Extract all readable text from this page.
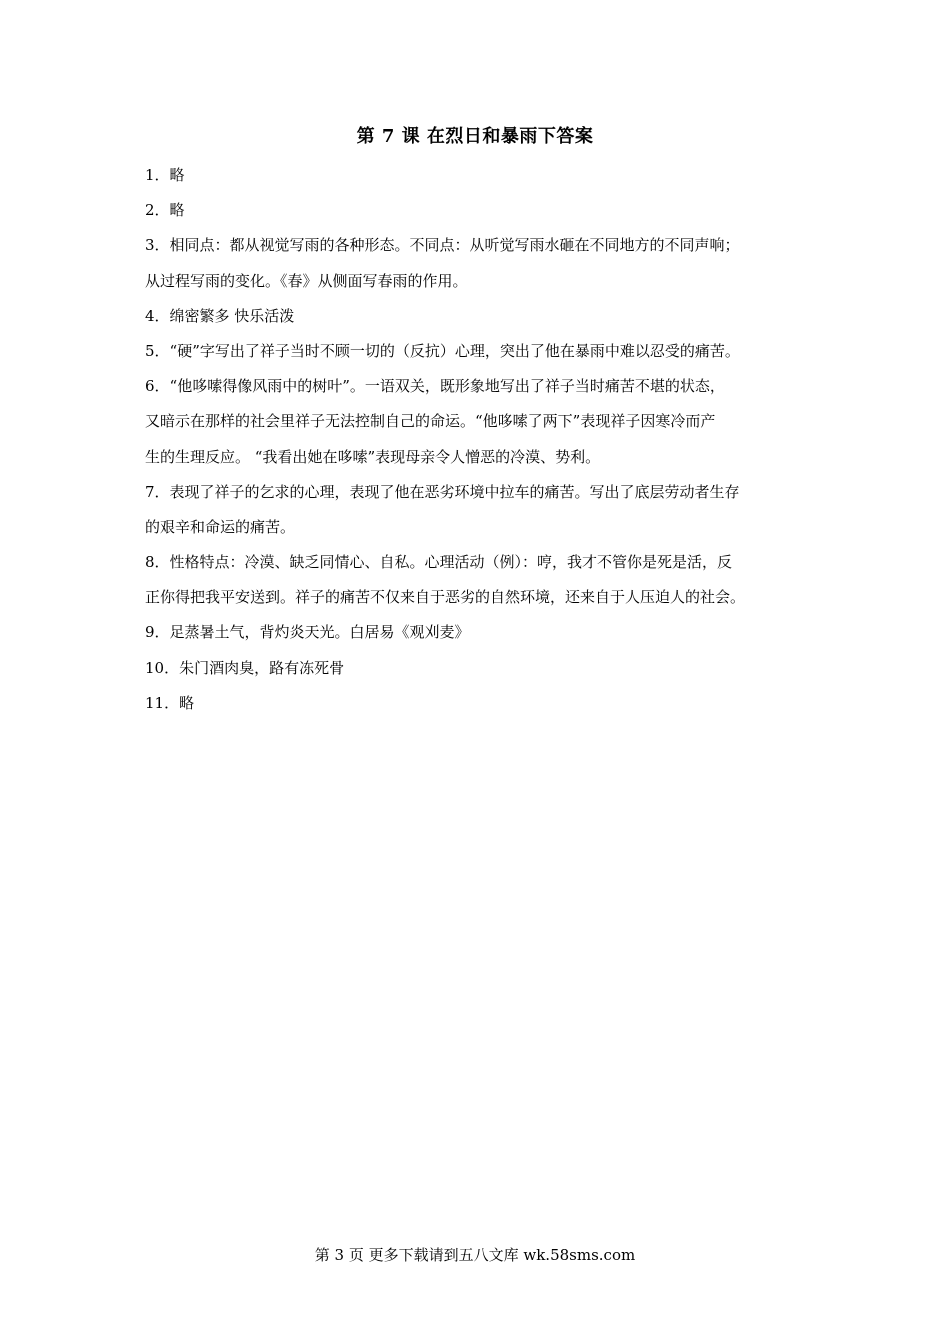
第 7 课 在烈日和暴雨下答案
1．略
2．略
3．相同点：都从视觉写雨的各种形态。不同点：从听觉写雨水砸在不同地方的不同声响；
从过程写雨的变化。《春》从侧面写春雨的作用。
4．绵密繁多 快乐活泼
5．“硬”字写出了祥子当时不顾一切的（反抗）心理，突出了他在暴雨中难以忍受的痛苦。
6．“他哆嗦得像风雨中的树叶”。一语双关，既形象地写出了祥子当时痛苦不堪的状态，
又暗示在那样的社会里祥子无法控制自己的命运。“他哆嗦了两下”表现祥子因寒冷而产
生的生理反应。 “我看出她在哆嗦”表现母亲令人憎恶的冷漠、势利。
7．表现了祥子的乞求的心理，表现了他在恶劣环境中拉车的痛苦。写出了底层劳动者生存
的艰辛和命运的痛苦。
8．性格特点：冷漠、缺乏同情心、自私。心理活动（例）：哼，我才不管你是死是活，反
正你得把我平安送到。祥子的痛苦不仅来自于恶劣的自然环境，还来自于人压迫人的社会。
9．足蒸暑土气，背灼炎天光。白居易《观刈麦》
10．朱门酒肉臭，路有冻死骨
11．略
第 3 页 更多下载请到五八文库 wk.58sms.com
